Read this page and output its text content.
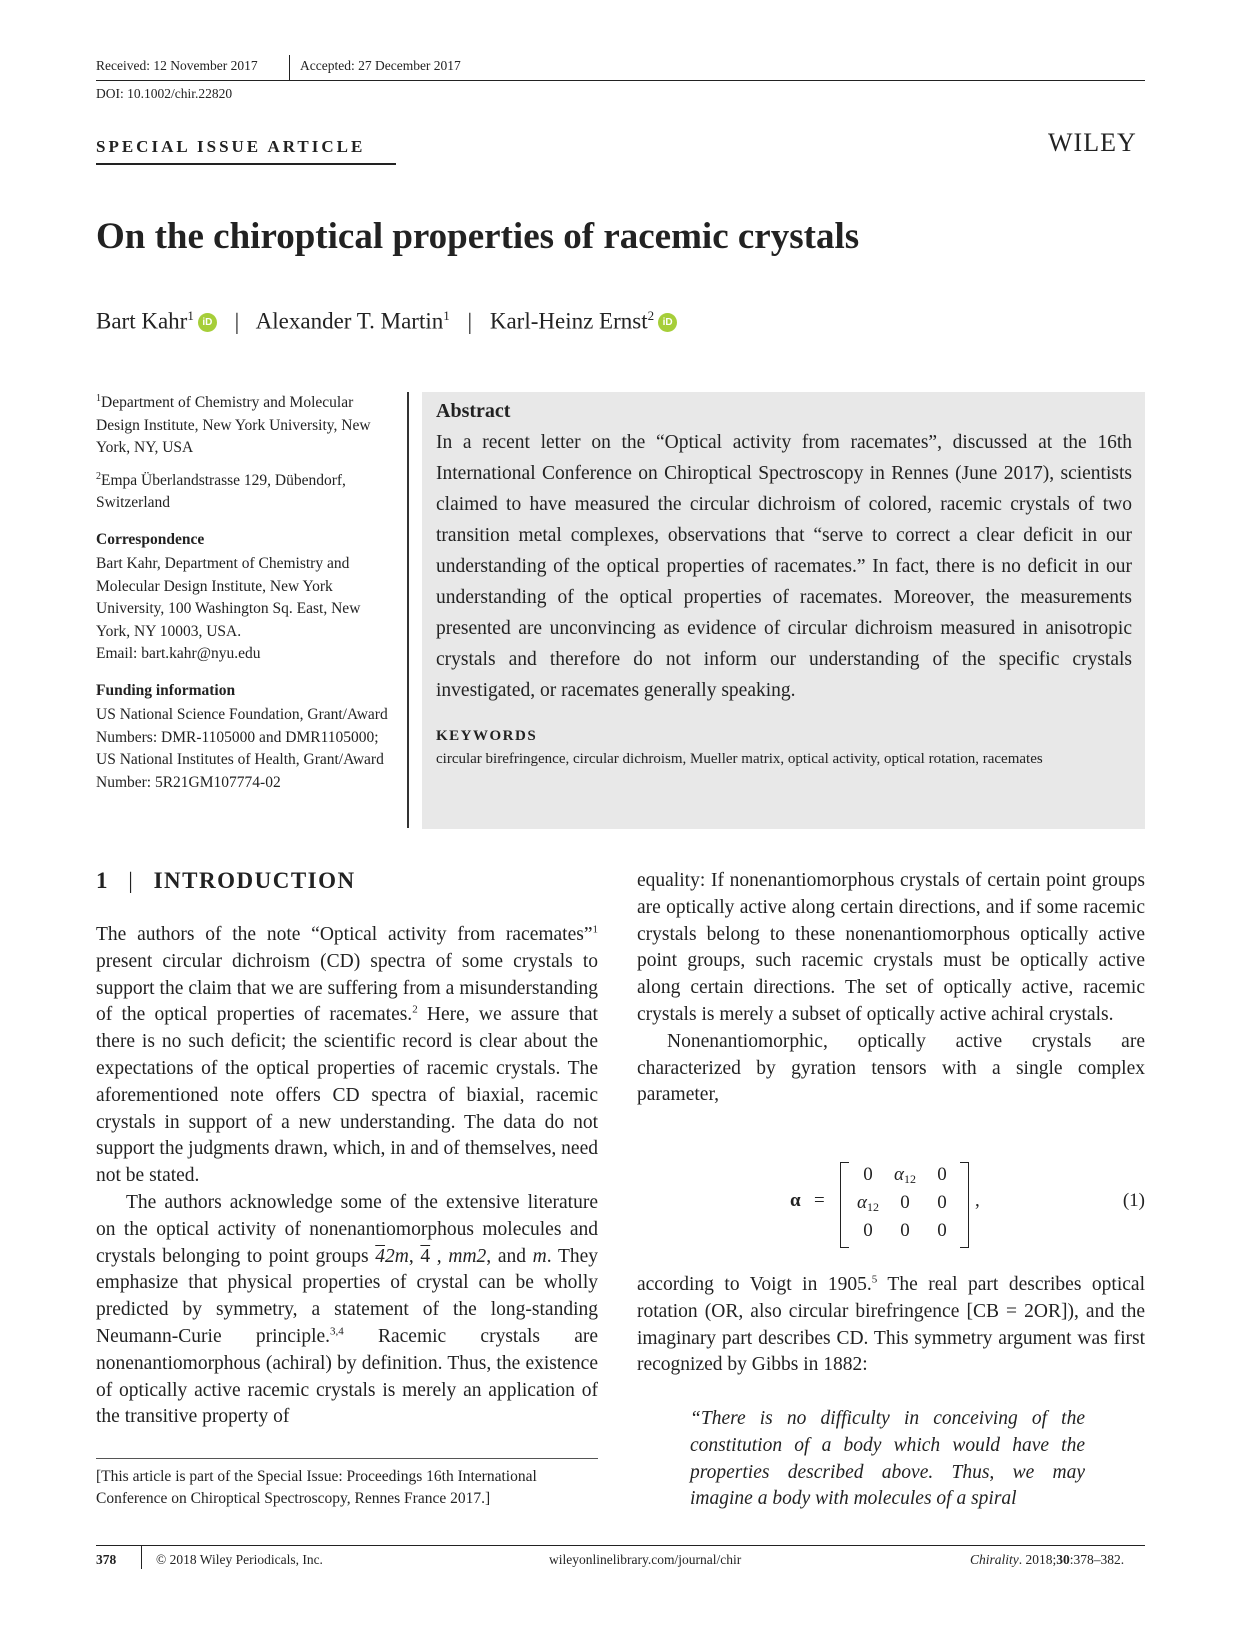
Received: 12 November 2017	Accepted: 27 December 2017
DOI: 10.1002/chir.22820
SPECIAL ISSUE ARTICLE	WILEY
On the chiroptical properties of racemic crystals
Bart Kahr$^1$ iD | Alexander T. Martin$^1$ | Karl-Heinz Ernst$^2$ iD

$^1$Department of Chemistry and Molecular Design Institute, New York University, New York, NY, USA

$^2$Empa Überlandstrasse 129, Dübendorf, Switzerland

Correspondence

Bart Kahr, Department of Chemistry and Molecular Design Institute, New York University, 100 Washington Sq. East, New York, NY 10003, USA.

Email: bart.kahr@nyu.edu

Funding information

US National Science Foundation, Grant/Award Numbers: DMR-1105000 and DMR1105000; US National Institutes of Health, Grant/Award Number: 5R21GM107774-02

Abstract

In a recent letter on the “Optical activity from racemates”, discussed at the 16th International Conference on Chiroptical Spectroscopy in Rennes (June 2017), scientists claimed to have measured the circular dichroism of colored, racemic crystals of two transition metal complexes, observations that “serve to correct a clear deficit in our understanding of the optical properties of racemates.” In fact, there is no deficit in our understanding of the optical properties of racemates. Moreover, the measurements presented are unconvincing as evidence of circular dichroism measured in anisotropic crystals and therefore do not inform our understanding of the specific crystals investigated, or racemates generally speaking.

KEYWORDS

circular birefringence, circular dichroism, Mueller matrix, optical activity, optical rotation, racemates

1 | INTRODUCTION

The authors of the note “Optical activity from racemates”$^1$ present circular dichroism (CD) spectra of some crystals to support the claim that we are suffering from a misunderstanding of the optical properties of racemates.$^2$ Here, we assure that there is no such deficit; the scientific record is clear about the expectations of the optical properties of racemic crystals. The aforementioned note offers CD spectra of biaxial, racemic crystals in support of a new understanding. The data do not support the judgments drawn, which, in and of themselves, need not be stated.

The authors acknowledge some of the extensive literature on the optical activity of nonenantiomorphous molecules and crystals belonging to point groups 42m, 4 , mm2, and m. They emphasize that physical properties of crystal can be wholly predicted by symmetry, a statement of the long-standing Neumann-Curie principle.$^{3,4}$ Racemic crystals are nonenantiomorphous (achiral) by definition. Thus, the existence of optically active racemic crystals is merely an application of the transitive property of

equality: If nonenantiomorphous crystals of certain point groups are optically active along certain directions, and if some racemic crystals belong to these nonenantiomorphous optically active point groups, such racemic crystals must be optically active along certain directions. The set of optically active, racemic crystals is merely a subset of optically active achiral crystals.

Nonenantiomorphic, optically active crystals are characterized by gyration tensors with a single complex parameter,

α =
0	$\alpha_{12}$	0
$\alpha_{12}$	0	0
0	0	0
,	(1)

according to Voigt in 1905.$^5$ The real part describes optical rotation (OR, also circular birefringence [CB = 2OR]), and the imaginary part describes CD. This symmetry argument was first recognized by Gibbs in 1882:

“There is no difficulty in conceiving of the constitution of a body which would have the properties described above. Thus, we may imagine a body with molecules of a spiral
[This article is part of the Special Issue: Proceedings 16th International Conference on Chiroptical Spectroscopy, Rennes France 2017.]
378	© 2018 Wiley Periodicals, Inc.	wileyonlinelibrary.com/journal/chir	Chirality. 2018;30:378–382.
